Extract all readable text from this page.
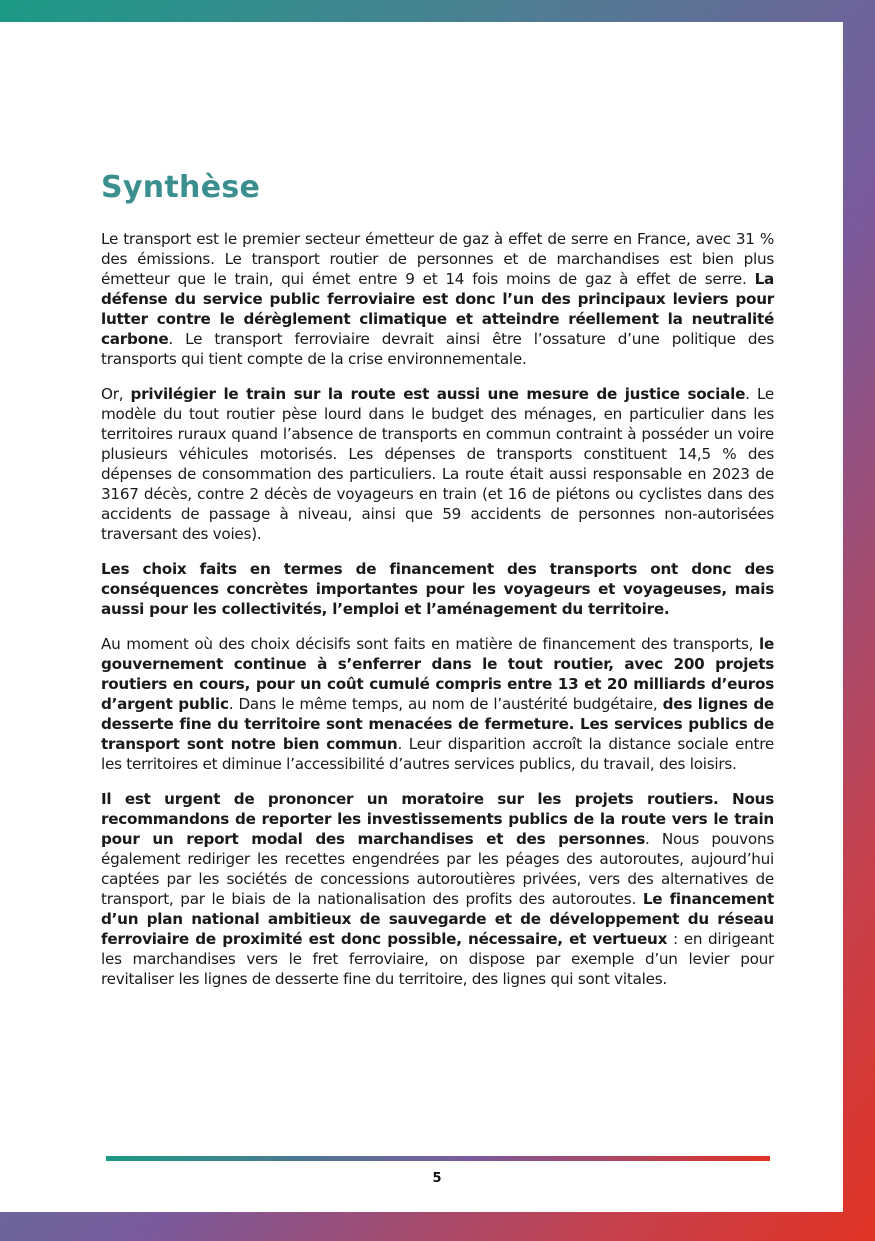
Synthèse

Le transport est le premier secteur émetteur de gaz à effet de serre en France, avec 31 % des émissions. Le transport routier de personnes et de marchandises est bien plus émetteur que le train, qui émet entre 9 et 14 fois moins de gaz à effet de serre. La défense du service public ferroviaire est donc l’un des principaux leviers pour lutter contre le dérèglement climatique et atteindre réellement la neutralité carbone. Le transport ferroviaire devrait ainsi être l’ossature d’une politique des transports qui tient compte de la crise environnementale.

Or, privilégier le train sur la route est aussi une mesure de justice sociale. Le modèle du tout routier pèse lourd dans le budget des ménages, en particulier dans les territoires ruraux quand l’absence de transports en commun contraint à posséder un voire plusieurs véhicules motorisés. Les dépenses de transports constituent 14,5 % des dépenses de consommation des particuliers. La route était aussi responsable en 2023 de 3167 décès, contre 2 décès de voyageurs en train (et 16 de piétons ou cyclistes dans des accidents de passage à niveau, ainsi que 59 accidents de personnes non-autorisées traversant des voies).

Les choix faits en termes de financement des transports ont donc des conséquences concrètes importantes pour les voyageurs et voyageuses, mais aussi pour les collectivités, l’emploi et l’aménagement du territoire.

Au moment où des choix décisifs sont faits en matière de financement des transports, le gouvernement continue à s’enferrer dans le tout routier, avec 200 projets routiers en cours, pour un coût cumulé compris entre 13 et 20 milliards d’euros d’argent public. Dans le même temps, au nom de l’austérité budgétaire, des lignes de desserte fine du territoire sont menacées de fermeture. Les services publics de transport sont notre bien commun. Leur disparition accroît la distance sociale entre les territoires et diminue l’accessibilité d’autres services publics, du travail, des loisirs.

Il est urgent de prononcer un moratoire sur les projets routiers. Nous recommandons de reporter les investissements publics de la route vers le train pour un report modal des marchandises et des personnes. Nous pouvons également rediriger les recettes engendrées par les péages des autoroutes, aujourd’hui captées par les sociétés de concessions autoroutières privées, vers des alternatives de transport, par le biais de la nationalisation des profits des autoroutes. Le financement d’un plan national ambitieux de sauvegarde et de développement du réseau ferroviaire de proximité est donc possible, nécessaire, et vertueux : en dirigeant les marchandises vers le fret ferroviaire, on dispose par exemple d’un levier pour revitaliser les lignes de desserte fine du territoire, des lignes qui sont vitales.

5
